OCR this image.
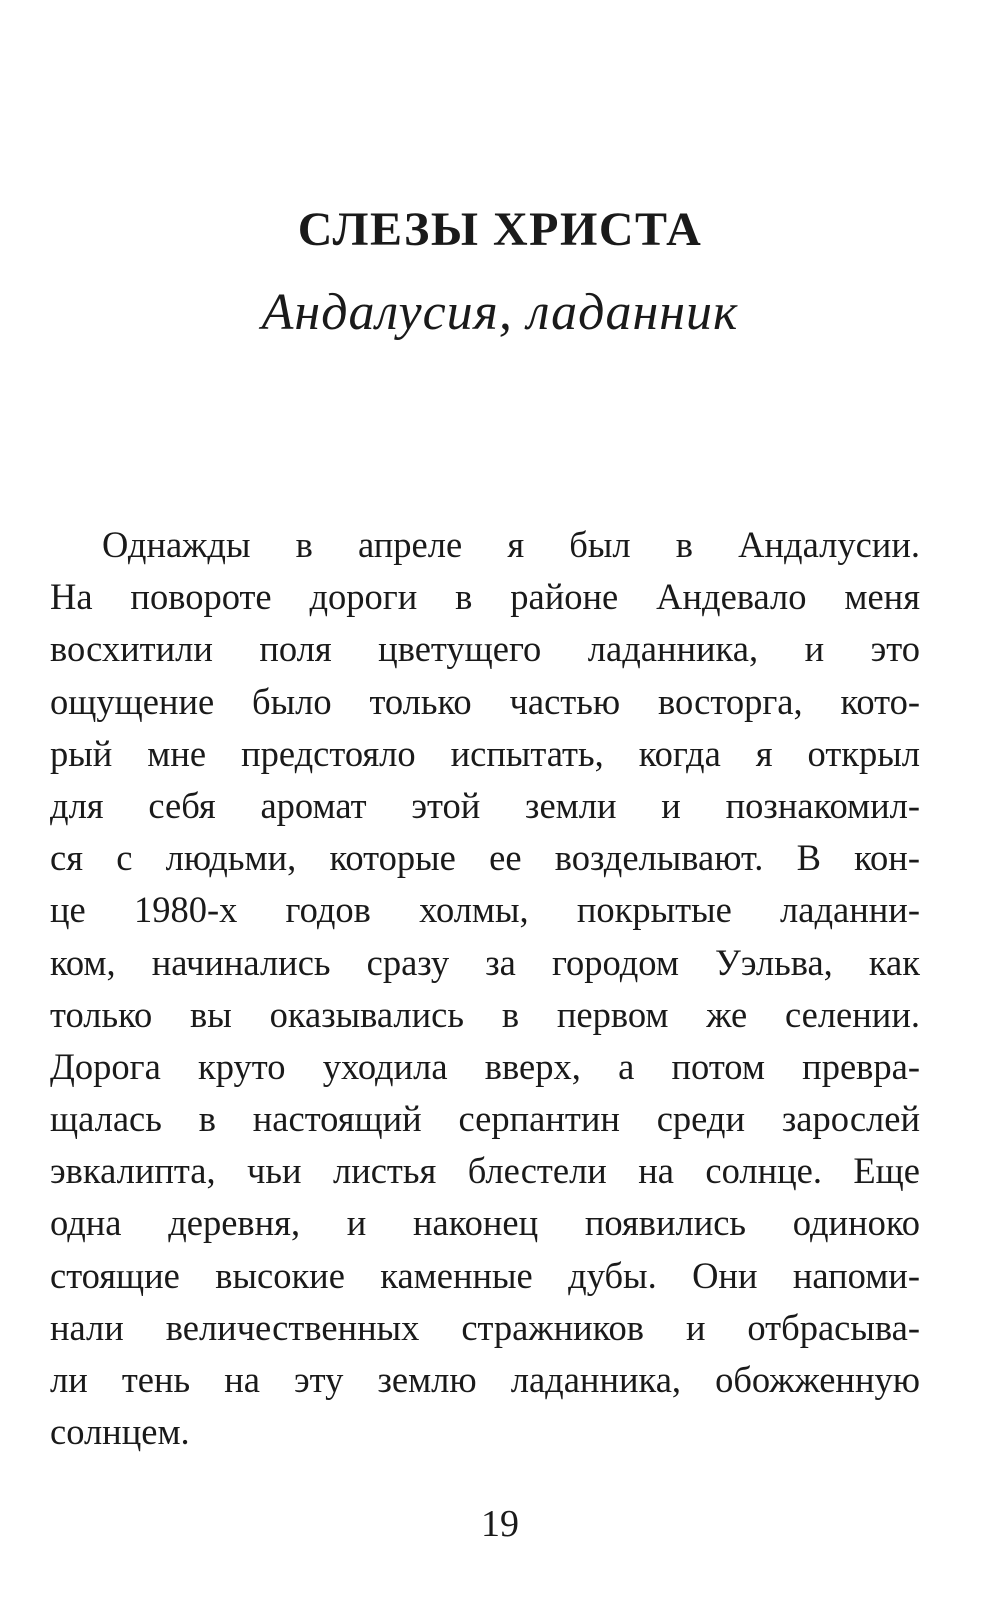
СЛЕЗЫ ХРИСТА
Андалусия, ладанник
Однажды в апреле я был в Андалусии.
На повороте дороги в районе Андевало меня
восхитили поля цветущего ладанника, и это
ощущение было только частью восторга, кото-
рый мне предстояло испытать, когда я открыл
для себя аромат этой земли и познакомил-
ся с людьми, которые ее возделывают. В кон-
це 1980-х годов холмы, покрытые ладанни-
ком, начинались сразу за городом Уэльва, как
только вы оказывались в первом же селении.
Дорога круто уходила вверх, а потом превра-
щалась в настоящий серпантин среди зарослей
эвкалипта, чьи листья блестели на солнце. Еще
одна деревня, и наконец появились одиноко
стоящие высокие каменные дубы. Они напоми-
нали величественных стражников и отбрасыва-
ли тень на эту землю ладанника, обожженную
солнцем.
19
